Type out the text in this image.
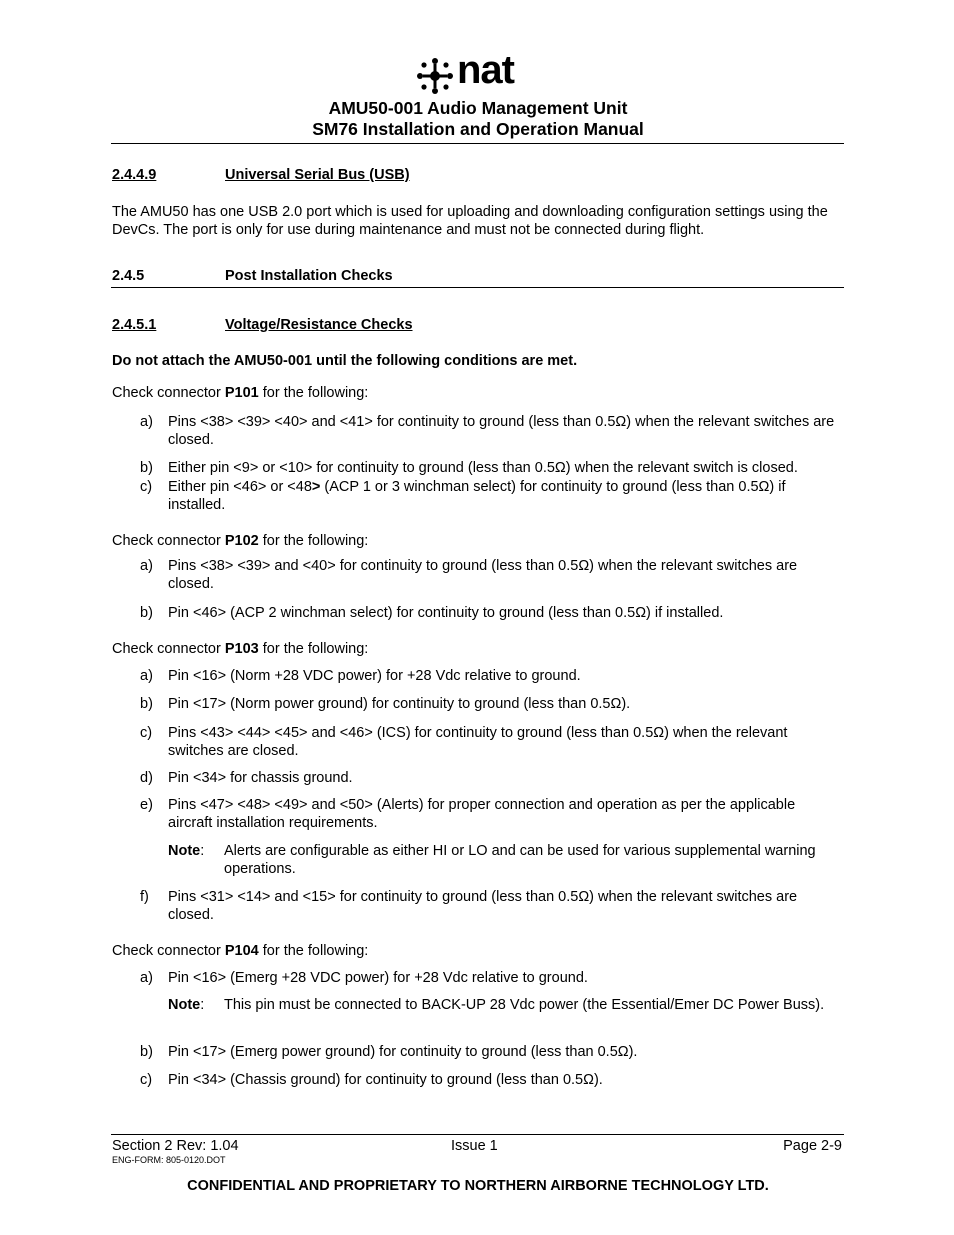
nat
AMU50-001 Audio Management Unit
SM76 Installation and Operation Manual
2.4.4.9	Universal Serial Bus (USB)
The AMU50 has one USB 2.0 port which is used for uploading and downloading configuration settings using the DevCs. The port is only for use during maintenance and must not be connected during flight.
2.4.5	Post Installation Checks
2.4.5.1	Voltage/Resistance Checks
Do not attach the AMU50-001 until the following conditions are met.
Check connector P101 for the following:
a) Pins <38> <39> <40> and <41> for continuity to ground (less than 0.5Ω) when the relevant switches are closed.
b) Either pin <9> or <10> for continuity to ground (less than 0.5Ω) when the relevant switch is closed.
c) Either pin <46> or <48> (ACP 1 or 3 winchman select) for continuity to ground (less than 0.5Ω) if installed.
Check connector P102 for the following:
a) Pins <38> <39> and <40> for continuity to ground (less than 0.5Ω) when the relevant switches are closed.
b) Pin <46> (ACP 2 winchman select) for continuity to ground (less than 0.5Ω) if installed.
Check connector P103 for the following:
a) Pin <16> (Norm +28 VDC power) for +28 Vdc relative to ground.
b) Pin <17> (Norm power ground) for continuity to ground (less than 0.5Ω).
c) Pins <43> <44> <45> and <46> (ICS) for continuity to ground (less than 0.5Ω) when the relevant switches are closed.
d) Pin <34> for chassis ground.
e) Pins <47> <48> <49> and <50> (Alerts) for proper connection and operation as per the applicable aircraft installation requirements.
Note: Alerts are configurable as either HI or LO and can be used for various supplemental warning operations.
f) Pins <31> <14> and <15> for continuity to ground (less than 0.5Ω) when the relevant switches are closed.
Check connector P104 for the following:
a) Pin <16> (Emerg +28 VDC power) for +28 Vdc relative to ground.
Note: This pin must be connected to BACK-UP 28 Vdc power (the Essential/Emer DC Power Buss).
b) Pin <17> (Emerg power ground) for continuity to ground (less than 0.5Ω).
c) Pin <34> (Chassis ground) for continuity to ground (less than 0.5Ω).
Section 2 Rev: 1.04	Issue 1	Page 2-9
ENG-FORM: 805-0120.DOT
CONFIDENTIAL AND PROPRIETARY TO NORTHERN AIRBORNE TECHNOLOGY LTD.
